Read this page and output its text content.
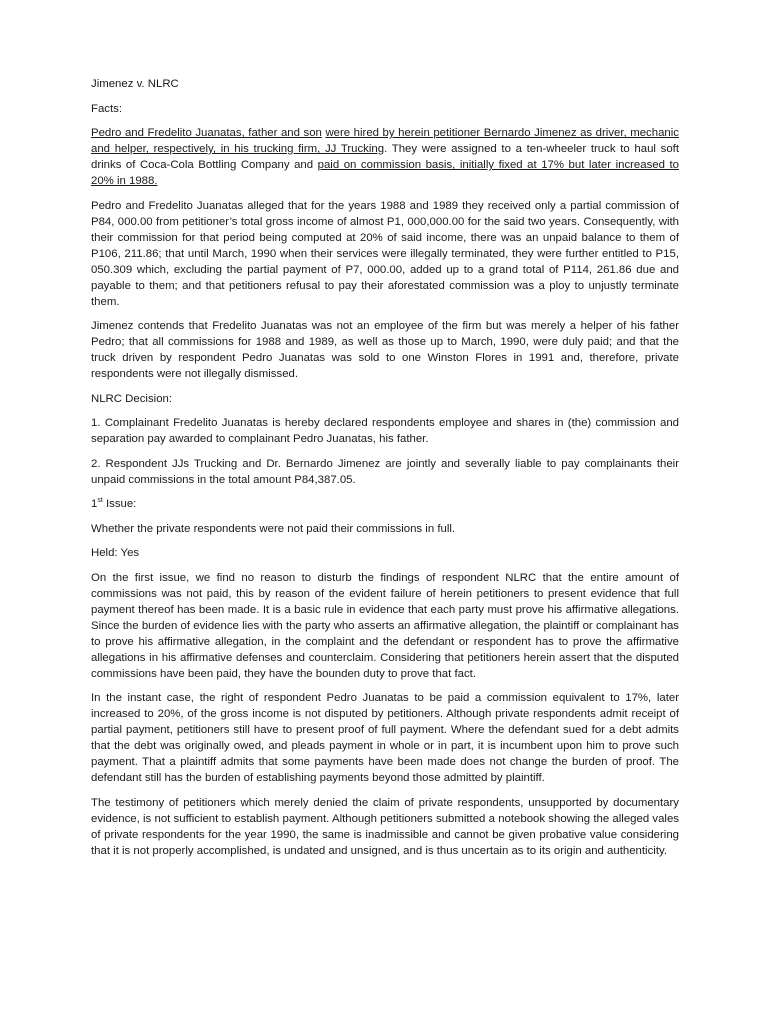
Jimenez v. NLRC

Facts:

Pedro and Fredelito Juanatas, father and son were hired by herein petitioner Bernardo Jimenez as driver, mechanic and helper, respectively, in his trucking firm, JJ Trucking. They were assigned to a ten-wheeler truck to haul soft drinks of Coca-Cola Bottling Company and paid on commission basis, initially fixed at 17% but later increased to 20% in 1988.

Pedro and Fredelito Juanatas alleged that for the years 1988 and 1989 they received only a partial commission of P84, 000.00 from petitioner’s total gross income of almost P1, 000,000.00 for the said two years. Consequently, with their commission for that period being computed at 20% of said income, there was an unpaid balance to them of P106, 211.86; that until March, 1990 when their services were illegally terminated, they were further entitled to P15, 050.309 which, excluding the partial payment of P7, 000.00, added up to a grand total of P114, 261.86 due and payable to them; and that petitioners refusal to pay their aforestated commission was a ploy to unjustly terminate them.

Jimenez contends that Fredelito Juanatas was not an employee of the firm but was merely a helper of his father Pedro; that all commissions for 1988 and 1989, as well as those up to March, 1990, were duly paid; and that the truck driven by respondent Pedro Juanatas was sold to one Winston Flores in 1991 and, therefore, private respondents were not illegally dismissed.

NLRC Decision:

1. Complainant Fredelito Juanatas is hereby declared respondents employee and shares in (the) commission and separation pay awarded to complainant Pedro Juanatas, his father.

2. Respondent JJs Trucking and Dr. Bernardo Jimenez are jointly and severally liable to pay complainants their unpaid commissions in the total amount P84,387.05.

1st Issue:

Whether the private respondents were not paid their commissions in full.

Held: Yes

On the first issue, we find no reason to disturb the findings of respondent NLRC that the entire amount of commissions was not paid, this by reason of the evident failure of herein petitioners to present evidence that full payment thereof has been made. It is a basic rule in evidence that each party must prove his affirmative allegations. Since the burden of evidence lies with the party who asserts an affirmative allegation, the plaintiff or complainant has to prove his affirmative allegation, in the complaint and the defendant or respondent has to prove the affirmative allegations in his affirmative defenses and counterclaim. Considering that petitioners herein assert that the disputed commissions have been paid, they have the bounden duty to prove that fact.

In the instant case, the right of respondent Pedro Juanatas to be paid a commission equivalent to 17%, later increased to 20%, of the gross income is not disputed by petitioners. Although private respondents admit receipt of partial payment, petitioners still have to present proof of full payment. Where the defendant sued for a debt admits that the debt was originally owed, and pleads payment in whole or in part, it is incumbent upon him to prove such payment. That a plaintiff admits that some payments have been made does not change the burden of proof. The defendant still has the burden of establishing payments beyond those admitted by plaintiff.

The testimony of petitioners which merely denied the claim of private respondents, unsupported by documentary evidence, is not sufficient to establish payment. Although petitioners submitted a notebook showing the alleged vales of private respondents for the year 1990, the same is inadmissible and cannot be given probative value considering that it is not properly accomplished, is undated and unsigned, and is thus uncertain as to its origin and authenticity.
